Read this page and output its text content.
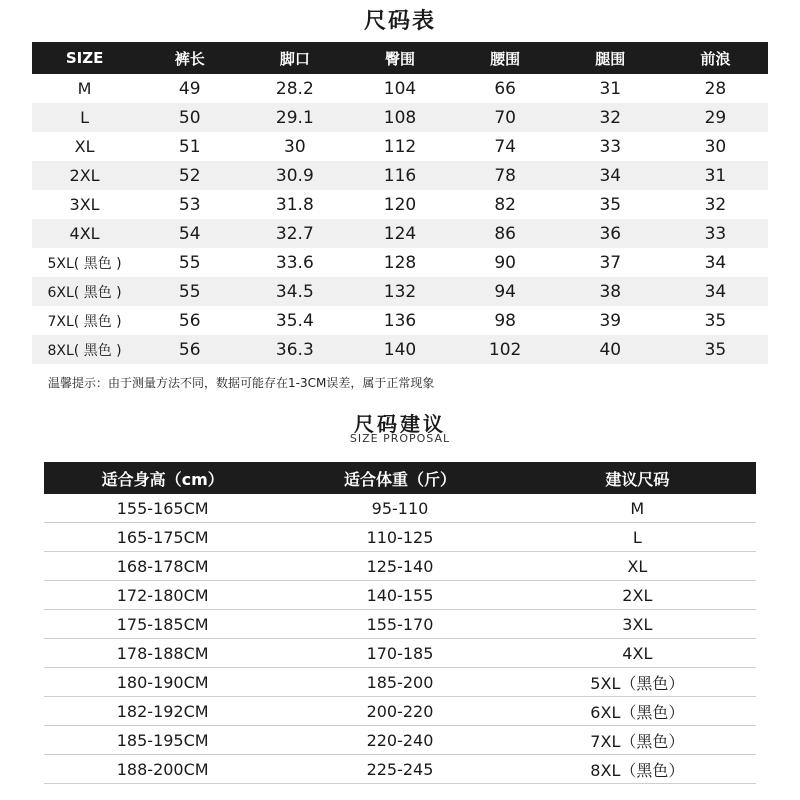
尺码表
SIZE	裤长	脚口	臀围	腰围	腿围	前浪
M	49	28.2	104	66	31	28
L	50	29.1	108	70	32	29
XL	51	30	112	74	33	30
2XL	52	30.9	116	78	34	31
3XL	53	31.8	120	82	35	32
4XL	54	32.7	124	86	36	33
5XL( 黑色 )	55	33.6	128	90	37	34
6XL( 黑色 )	55	34.5	132	94	38	34
7XL( 黑色 )	56	35.4	136	98	39	35
8XL( 黑色 )	56	36.3	140	102	40	35
温馨提示：由于测量方法不同，数据可能存在1-3CM误差，属于正常现象
尺码建议
SIZE PROPOSAL
适合身高（cm）	适合体重（斤）	建议尺码
155-165CM	95-110	M
165-175CM	110-125	L
168-178CM	125-140	XL
172-180CM	140-155	2XL
175-185CM	155-170	3XL
178-188CM	170-185	4XL
180-190CM	185-200	5XL（黑色）
182-192CM	200-220	6XL（黑色）
185-195CM	220-240	7XL（黑色）
188-200CM	225-245	8XL（黑色）
